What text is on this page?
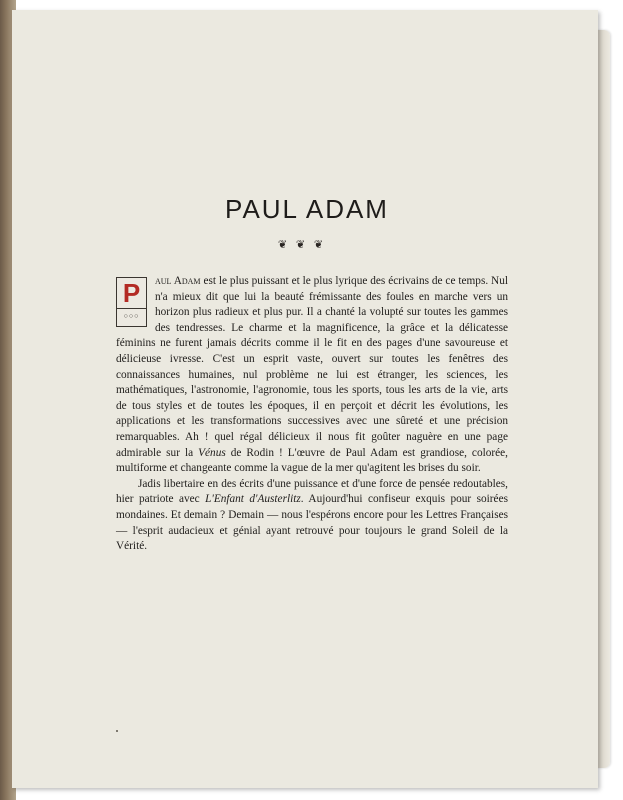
PAUL ADAM
❦ ❦ ❦

P
○○○
aul Adam est le plus puissant et le plus lyrique des écrivains de ce temps. Nul n'a mieux dit que lui la beauté frémissante des foules en marche vers un horizon plus radieux et plus pur. Il a chanté la volupté sur toutes les gammes des tendresses. Le charme et la magnificence, la grâce et la délicatesse féminins ne furent jamais décrits comme il le fit en des pages d'une savoureuse et délicieuse ivresse. C'est un esprit vaste, ouvert sur toutes les fenêtres des connaissances humaines, nul problème ne lui est étranger, les sciences, les mathématiques, l'astronomie, l'agronomie, tous les sports, tous les arts de la vie, arts de tous styles et de toutes les époques, il en perçoit et décrit les évolutions, les applications et les transformations successives avec une sûreté et une précision remarquables. Ah ! quel régal délicieux il nous fit goûter naguère en une page admirable sur la Vénus de Rodin ! L'œuvre de Paul Adam est grandiose, colorée, multiforme et changeante comme la vague de la mer qu'agitent les brises du soir.

Jadis libertaire en des écrits d'une puissance et d'une force de pensée redoutables, hier patriote avec L'Enfant d'Austerlitz. Aujourd'hui confiseur exquis pour soirées mondaines. Et demain ? Demain — nous l'espérons encore pour les Lettres Françaises — l'esprit audacieux et génial ayant retrouvé pour toujours le grand Soleil de la Vérité.
